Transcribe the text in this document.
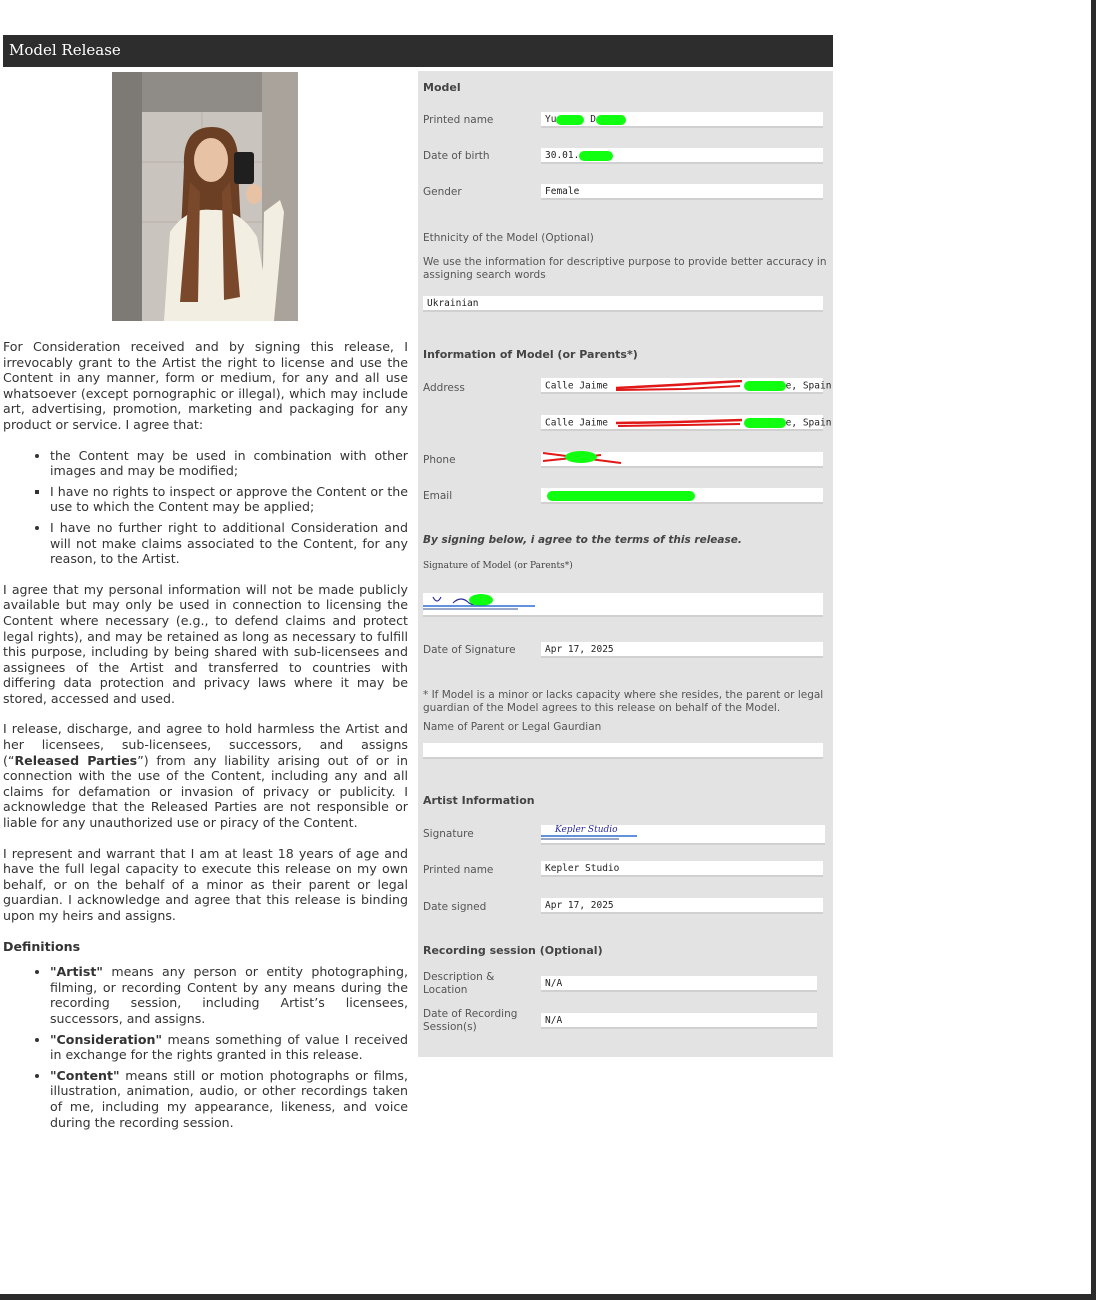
Model Release

For Consideration received and by signing this release, I irrevocably grant to the Artist the right to license and use the Content in any manner, form or medium, for any and all use whatsoever (except pornographic or illegal), which may include art, advertising, promotion, marketing and packaging for any product or service. I agree that:

• the Content may be used in combination with other images and may be modified;
▪ I have no rights to inspect or approve the Content or the use to which the Content may be applied;
• I have no further right to additional Consideration and will not make claims associated to the Content, for any reason, to the Artist.

I agree that my personal information will not be made publicly available but may only be used in connection to licensing the Content where necessary (e.g., to defend claims and protect legal rights), and may be retained as long as necessary to fulfill this purpose, including by being shared with sub-licensees and assignees of the Artist and transferred to countries with differing data protection and privacy laws where it may be stored, accessed and used.

I release, discharge, and agree to hold harmless the Artist and her licensees, sub-licensees, successors, and assigns (“Released Parties”) from any liability arising out of or in connection with the use of the Content, including any and all claims for defamation or invasion of privacy or publicity. I acknowledge that the Released Parties are not responsible or liable for any unauthorized use or piracy of the Content.

I represent and warrant that I am at least 18 years of age and have the full legal capacity to execute this release on my own behalf, or on the behalf of a minor as their parent or legal guardian. I acknowledge and agree that this release is binding upon my heirs and assigns.

Definitions
• "Artist" means any person or entity photographing, filming, or recording Content by any means during the recording session, including Artist’s licensees, successors, and assigns.
• "Consideration" means something of value I received in exchange for the rights granted in this release.
• "Content" means still or motion photographs or films, illustration, animation, audio, or other recordings taken of me, including my appearance, likeness, and voice during the recording session.
Model
Printed name	Yu	D
Date of birth	30.01.
Gender	Female
Ethnicity of the Model (Optional)
We use the information for descriptive purpose to provide better accuracy in assigning search words
Ukrainian
Information of Model (or Parents*)
Address	Calle Jaime	e, Spain
Calle Jaime	e, Spain
Phone
Email
By signing below, i agree to the terms of this release.
Signature of Model (or Parents*)
Date of Signature	Apr 17, 2025
* If Model is a minor or lacks capacity where she resides, the parent or legal guardian of the Model agrees to this release on behalf of the Model.
Name of Parent or Legal Gaurdian
Artist Information
Signature	Kepler Studio
Printed name	Kepler Studio
Date signed	Apr 17, 2025
Recording session (Optional)
Description & Location
N/A
Date of Recording Session(s)
N/A
